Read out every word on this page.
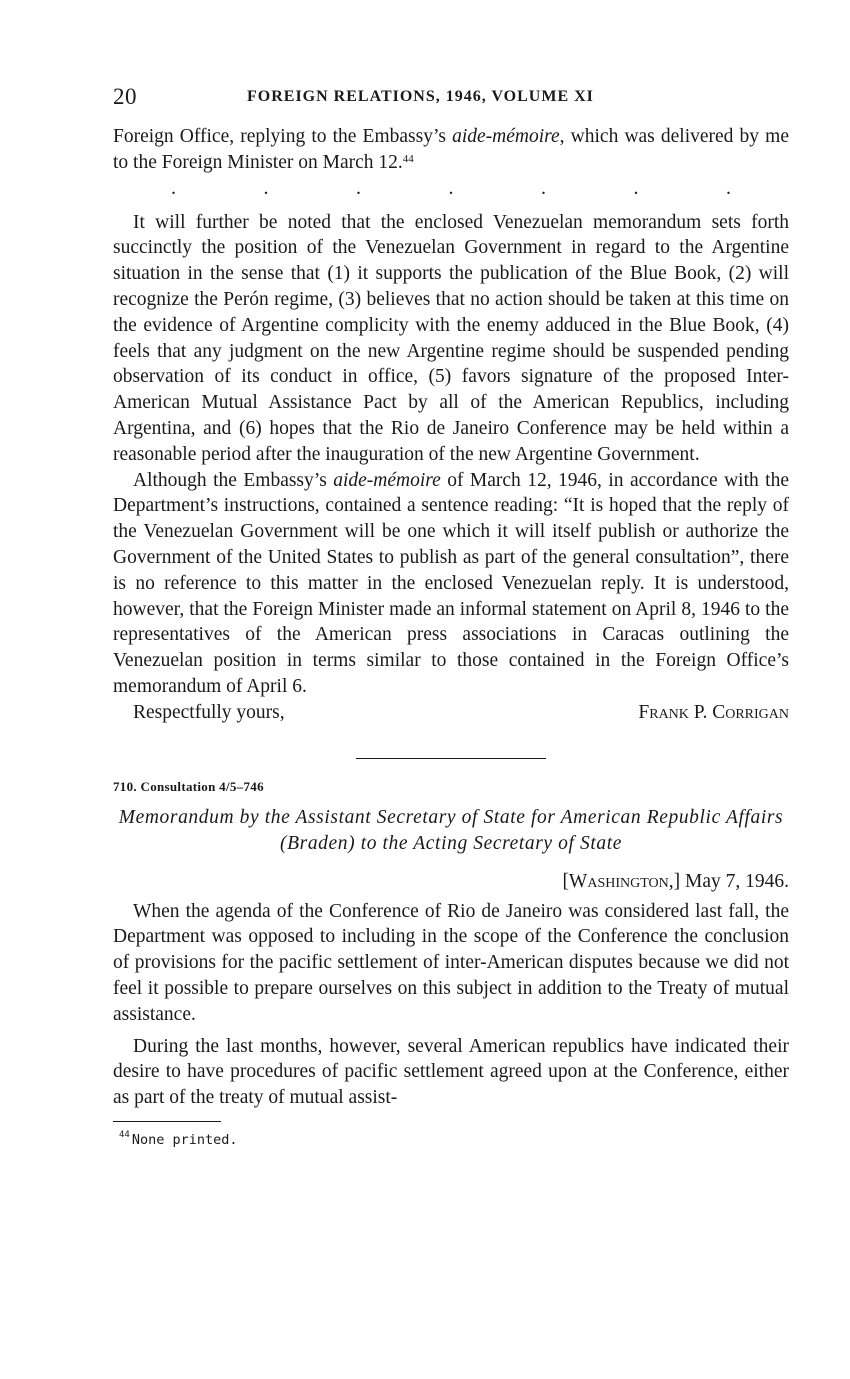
20	FOREIGN RELATIONS, 1946, VOLUME XI

Foreign Office, replying to the Embassy’s aide-mémoire, which was delivered by me to the Foreign Minister on March 12.44

.	.	.	.	.	.	.

It will further be noted that the enclosed Venezuelan memorandum sets forth succinctly the position of the Venezuelan Government in regard to the Argentine situation in the sense that (1) it supports the publication of the Blue Book, (2) will recognize the Perón regime, (3) believes that no action should be taken at this time on the evidence of Argentine complicity with the enemy adduced in the Blue Book, (4) feels that any judgment on the new Argentine regime should be suspended pending observation of its conduct in office, (5) favors signature of the proposed Inter-American Mutual Assistance Pact by all of the American Republics, including Argentina, and (6) hopes that the Rio de Janeiro Conference may be held within a reasonable period after the inauguration of the new Argentine Government.

Although the Embassy’s aide-mémoire of March 12, 1946, in accordance with the Department’s instructions, contained a sentence reading: “It is hoped that the reply of the Venezuelan Government will be one which it will itself publish or authorize the Government of the United States to publish as part of the general consultation”, there is no reference to this matter in the enclosed Venezuelan reply. It is understood, however, that the Foreign Minister made an informal statement on April 8, 1946 to the representatives of the American press associations in Caracas outlining the Venezuelan position in terms similar to those contained in the Foreign Office’s memorandum of April 6.

Respectfully yours,	Frank P. Corrigan
710. Consultation 4/5–746
Memorandum by the Assistant Secretary of State for American Republic Affairs (Braden) to the Acting Secretary of State
[Washington,] May 7, 1946.

When the agenda of the Conference of Rio de Janeiro was considered last fall, the Department was opposed to including in the scope of the Conference the conclusion of provisions for the pacific settlement of inter-American disputes because we did not feel it possible to prepare ourselves on this subject in addition to the Treaty of mutual assistance.

During the last months, however, several American republics have indicated their desire to have procedures of pacific settlement agreed upon at the Conference, either as part of the treaty of mutual assist-

$^{44}$ None printed.
